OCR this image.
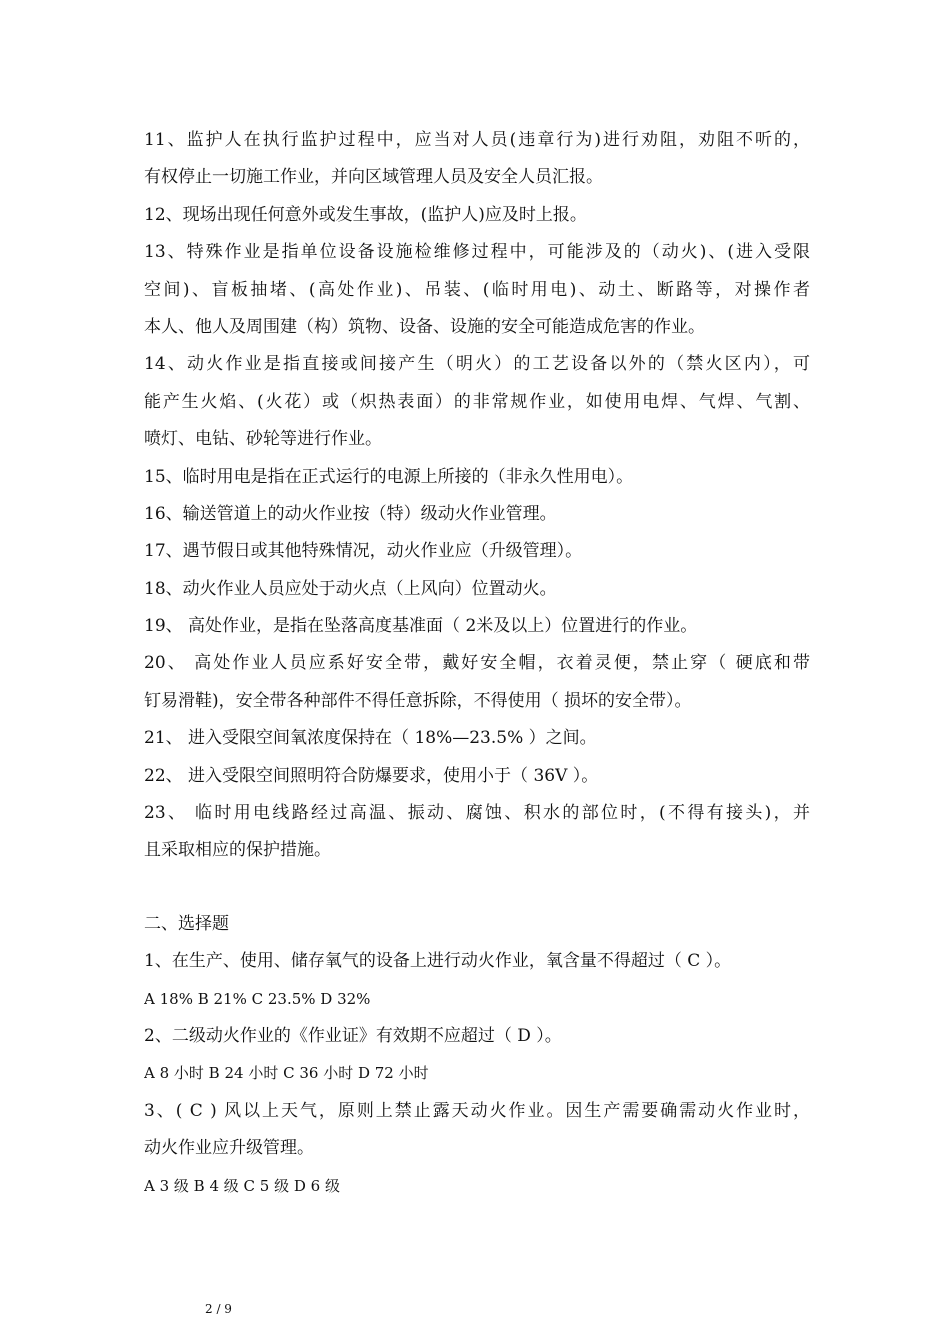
11、监护人在执行监护过程中，应当对人员(违章行为)进行劝阻，劝阻不听的，
有权停止一切施工作业，并向区域管理人员及安全人员汇报。
12、现场出现任何意外或发生事故，(监护人)应及时上报。
13、特殊作业是指单位设备设施检维修过程中，可能涉及的（动火)、(进入受限
空间)、盲板抽堵、(高处作业)、吊装、(临时用电)、动土、断路等，对操作者
本人、他人及周围建（构）筑物、设备、设施的安全可能造成危害的作业。
14、动火作业是指直接或间接产生（明火）的工艺设备以外的（禁火区内），可
能产生火焰、(火花）或（炽热表面）的非常规作业，如使用电焊、气焊、气割、
喷灯、电钻、砂轮等进行作业。
15、临时用电是指在正式运行的电源上所接的（非永久性用电）。
16、输送管道上的动火作业按（特）级动火作业管理。
17、遇节假日或其他特殊情况，动火作业应（升级管理）。
18、动火作业人员应处于动火点（上风向）位置动火。
19、 高处作业，是指在坠落高度基准面（ 2米及以上）位置进行的作业。
20、 高处作业人员应系好安全带，戴好安全帽，衣着灵便，禁止穿（ 硬底和带
钉易滑鞋)，安全带各种部件不得任意拆除，不得使用（ 损坏的安全带）。
21、 进入受限空间氧浓度保持在（ 18%—23.5% ）之间。
22、 进入受限空间照明符合防爆要求，使用小于（ 36V ）。
23、 临时用电线路经过高温、振动、腐蚀、积水的部位时，(不得有接头)，并
且采取相应的保护措施。
二、选择题
1、在生产、使用、储存氧气的设备上进行动火作业，氧含量不得超过（ C ）。
A 18% B 21% C 23.5% D 32%
2、二级动火作业的《作业证》有效期不应超过（ D ）。
A 8 小时 B 24 小时 C 36 小时 D 72 小时
3、( C ) 风以上天气，原则上禁止露天动火作业。因生产需要确需动火作业时，
动火作业应升级管理。
A 3 级 B 4 级 C 5 级 D 6 级
2 / 9
